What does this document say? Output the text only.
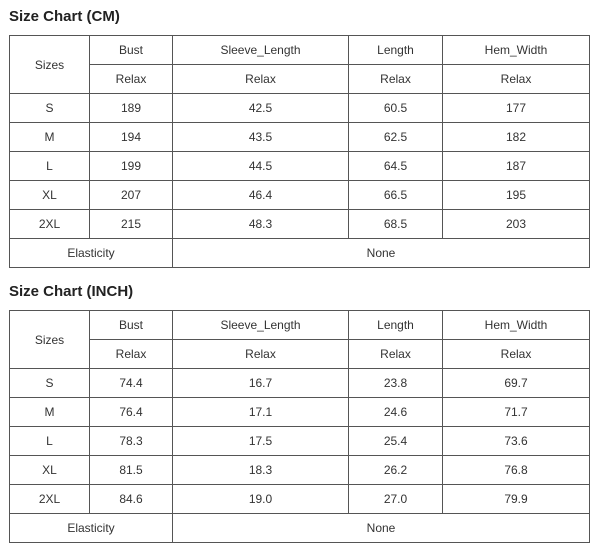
Size Chart (CM)
Sizes	Bust	Sleeve_Length	Length	Hem_Width
	Relax	Relax	Relax	Relax
S	189	42.5	60.5	177
M	194	43.5	62.5	182
L	199	44.5	64.5	187
XL	207	46.4	66.5	195
2XL	215	48.3	68.5	203
Elasticity		None		
Size Chart (INCH)
Sizes	Bust	Sleeve_Length	Length	Hem_Width
	Relax	Relax	Relax	Relax
S	74.4	16.7	23.8	69.7
M	76.4	17.1	24.6	71.7
L	78.3	17.5	25.4	73.6
XL	81.5	18.3	26.2	76.8
2XL	84.6	19.0	27.0	79.9
Elasticity		None		
